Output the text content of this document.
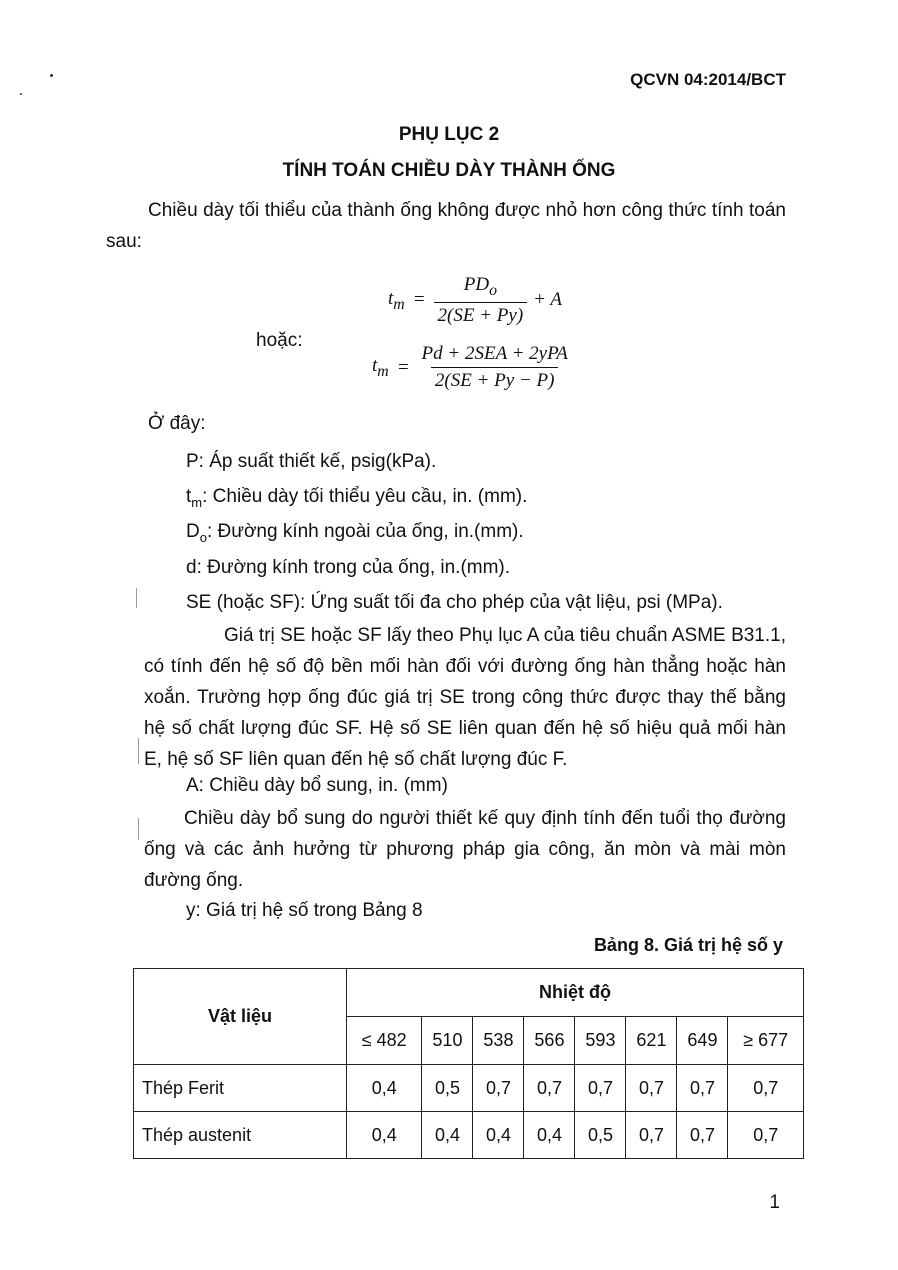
QCVN 04:2014/BCT
PHỤ LỤC 2
TÍNH TOÁN CHIỀU DÀY THÀNH ỐNG
Chiều dày tối thiểu của thành ống không được nhỏ hơn công thức tính toán sau:
$t_m = \frac{PD_o}{2(SE + Py)} + A$
hoặc:
$t_m = \frac{\text{Pd + 2SEA + 2yPA}}{2(SE + Py - P)}$
Ở đây:
P: Áp suất thiết kế, psig(kPa).
$t_m$: Chiều dày tối thiểu yêu cầu, in. (mm).
$D_o$: Đường kính ngoài của ống, in.(mm).
d: Đường kính trong của ống, in.(mm).
SE (hoặc SF): Ứng suất tối đa cho phép của vật liệu, psi (MPa).
Giá trị SE hoặc SF lấy theo Phụ lục A của tiêu chuẩn ASME B31.1, có tính đến hệ số độ bền mối hàn đối với đường ống hàn thẳng hoặc hàn xoắn. Trường hợp ống đúc giá trị SE trong công thức được thay thế bằng hệ số chất lượng đúc SF. Hệ số SE liên quan đến hệ số hiệu quả mối hàn E, hệ số SF liên quan đến hệ số chất lượng đúc F.
A: Chiều dày bổ sung, in. (mm)
Chiều dày bổ sung do người thiết kế quy định tính đến tuổi thọ đường ống và các ảnh hưởng từ phương pháp gia công, ăn mòn và mài mòn đường ống.
y: Giá trị hệ số trong Bảng 8
Bảng 8. Giá trị hệ số y
Vật liệu	Nhiệt độ							
	≤ 482	510	538	566	593	621	649	≥ 677
Thép Ferit	0,4	0,5	0,7	0,7	0,7	0,7	0,7	0,7
Thép austenit	0,4	0,4	0,4	0,4	0,5	0,7	0,7	0,7
1
